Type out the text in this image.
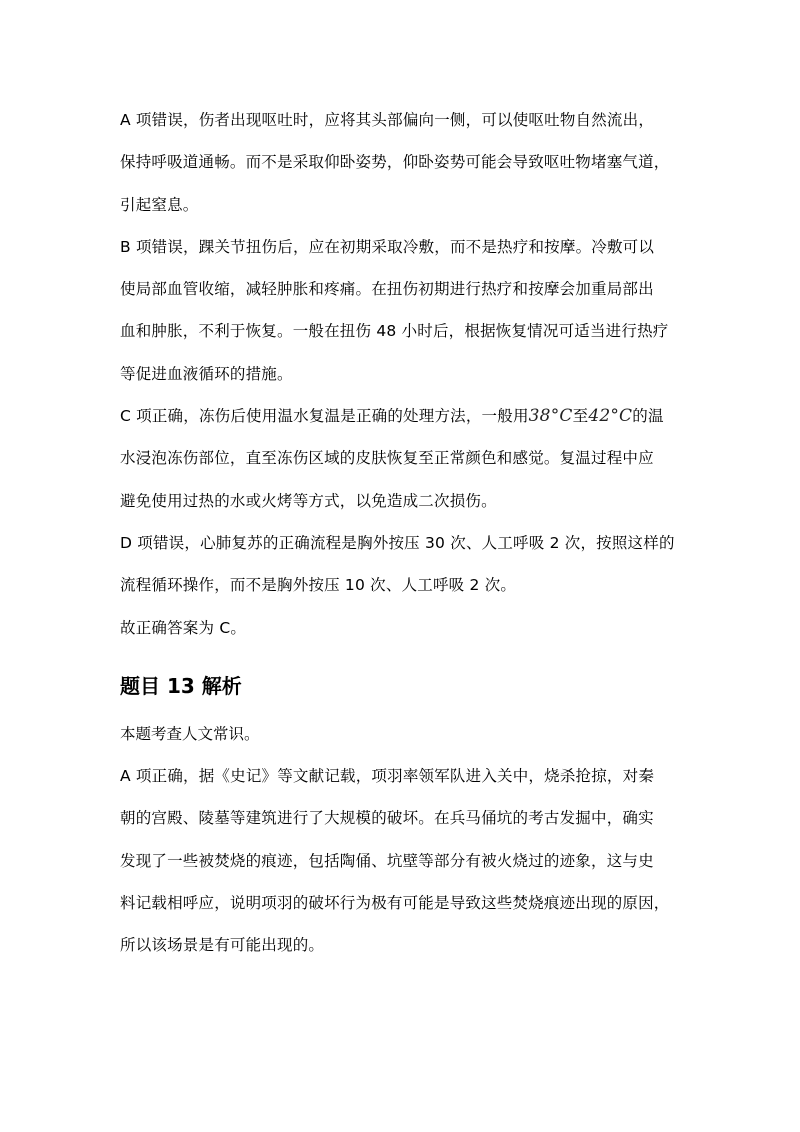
A 项错误，伤者出现呕吐时，应将其头部偏向一侧，可以使呕吐物自然流出，
保持呼吸道通畅。而不是采取仰卧姿势，仰卧姿势可能会导致呕吐物堵塞气道，
引起窒息。
B 项错误，踝关节扭伤后，应在初期采取冷敷，而不是热疗和按摩。冷敷可以
使局部血管收缩，减轻肿胀和疼痛。在扭伤初期进行热疗和按摩会加重局部出
血和肿胀，不利于恢复。一般在扭伤 48 小时后，根据恢复情况可适当进行热疗
等促进血液循环的措施。
C 项正确，冻伤后使用温水复温是正确的处理方法，一般用38°C至42°C的温
水浸泡冻伤部位，直至冻伤区域的皮肤恢复至正常颜色和感觉。复温过程中应
避免使用过热的水或火烤等方式，以免造成二次损伤。
D 项错误，心肺复苏的正确流程是胸外按压 30 次、人工呼吸 2 次，按照这样的
流程循环操作，而不是胸外按压 10 次、人工呼吸 2 次。
故正确答案为 C。
题目 13 解析
本题考查人文常识。
A 项正确，据《史记》等文献记载，项羽率领军队进入关中，烧杀抢掠，对秦
朝的宫殿、陵墓等建筑进行了大规模的破坏。在兵马俑坑的考古发掘中，确实
发现了一些被焚烧的痕迹，包括陶俑、坑壁等部分有被火烧过的迹象，这与史
料记载相呼应，说明项羽的破坏行为极有可能是导致这些焚烧痕迹出现的原因，
所以该场景是有可能出现的。
